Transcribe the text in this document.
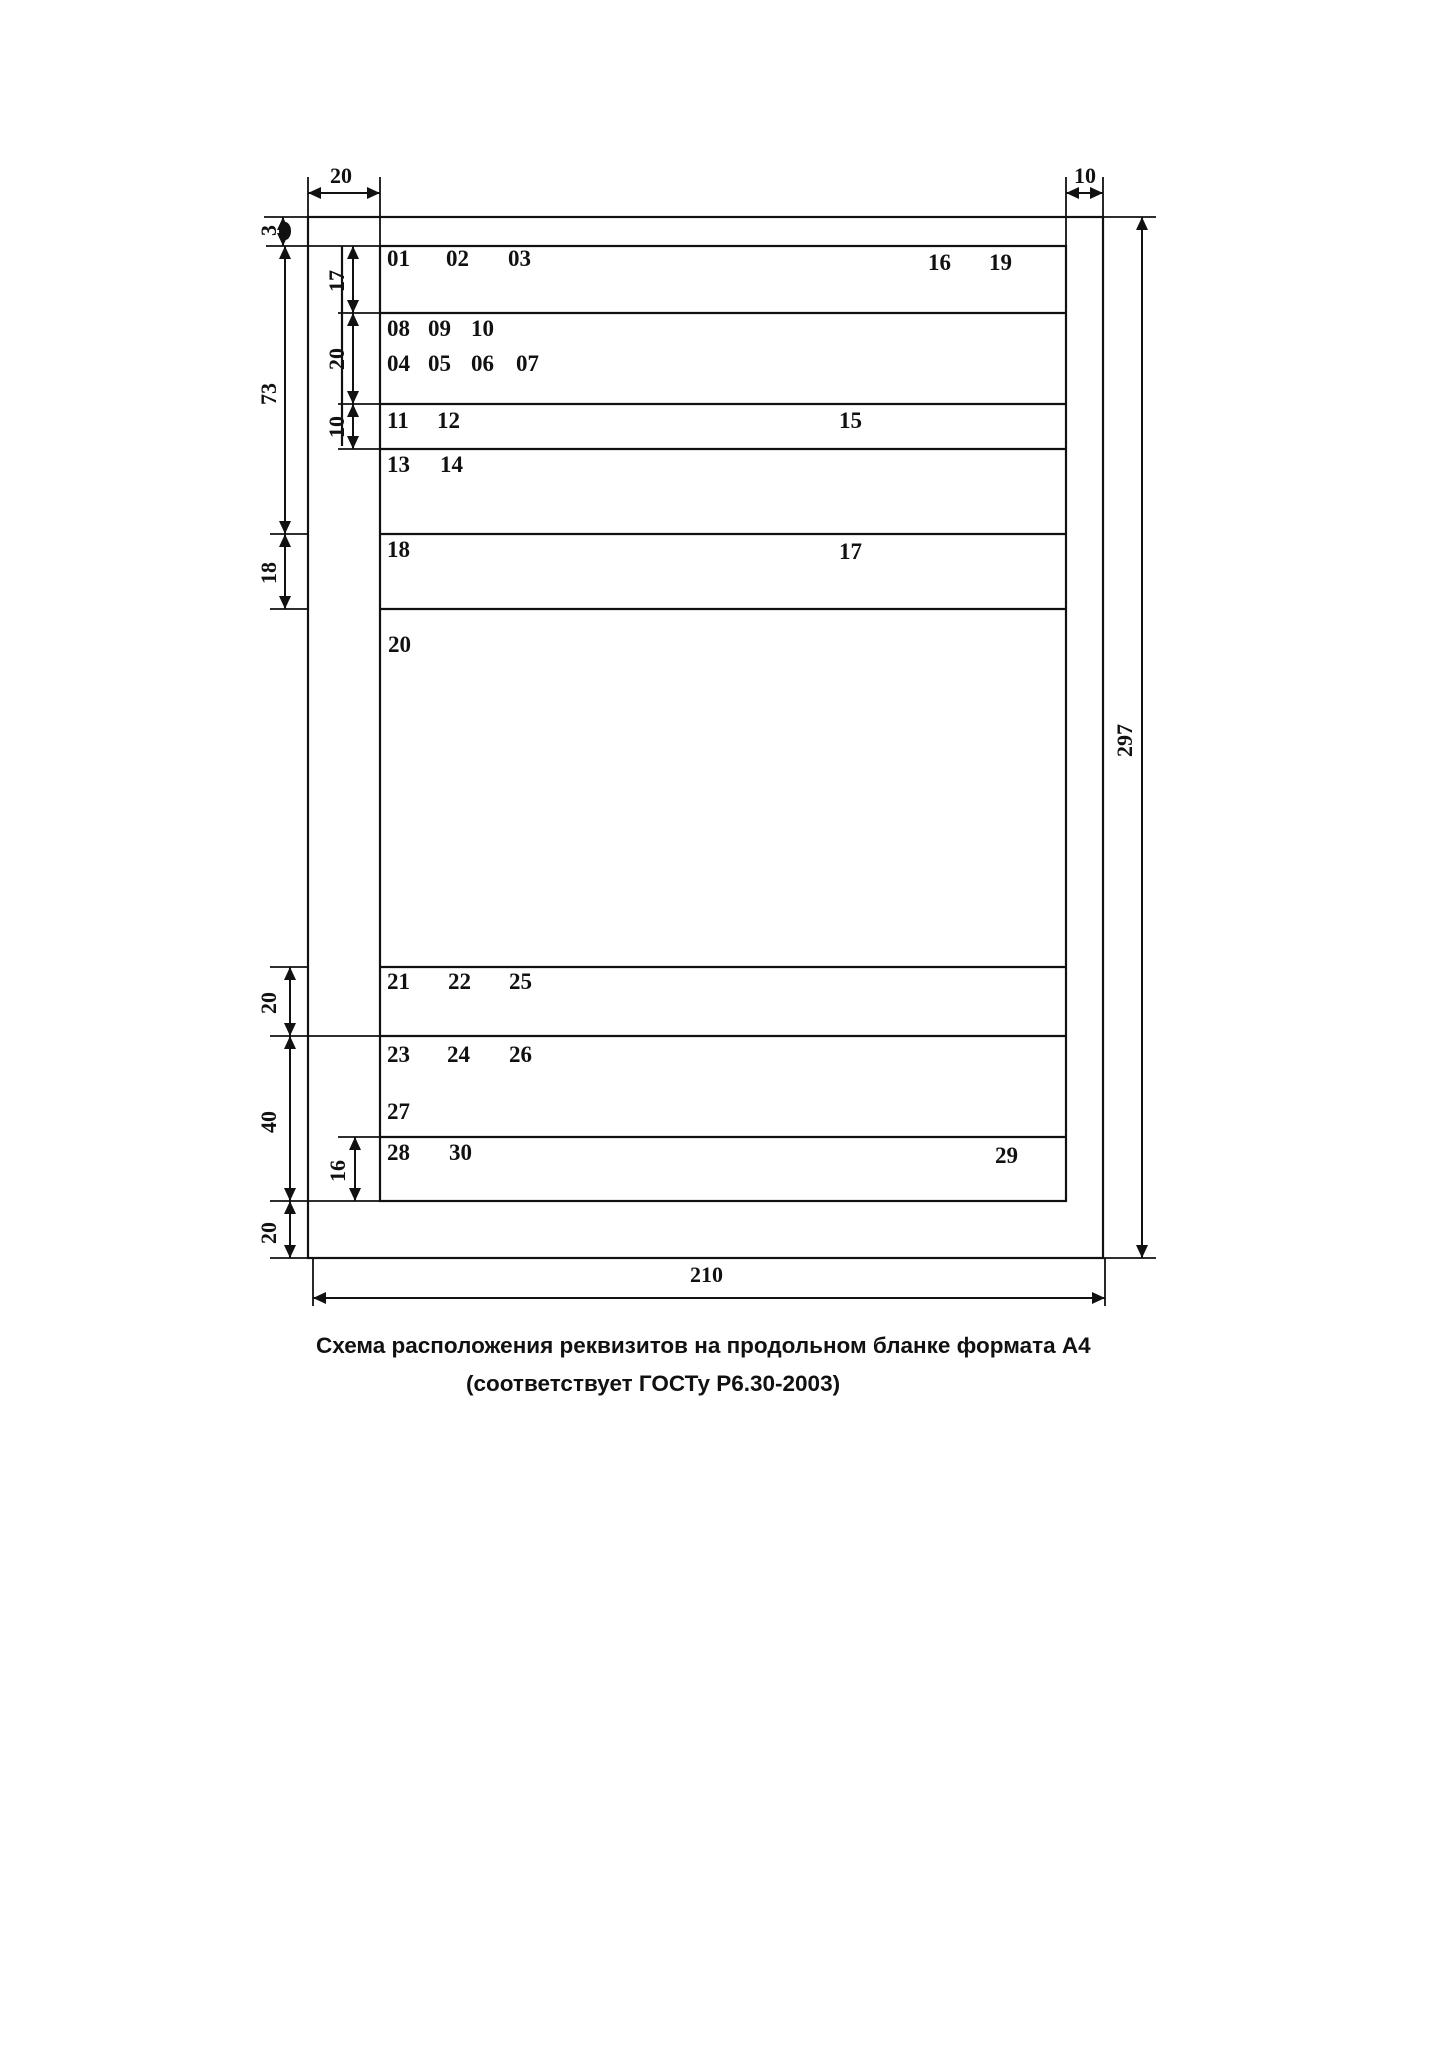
20	10
3
17
20
10
73
18
20
40
16
20
297
210
01 02 03	16 19
08 09 10
04 05 06 07
11 12	15
13 14
18	17
20
21 22 25
23 24 26
27
28 30	29
Схема расположения реквизитов на продольном бланке формата А4
(соответствует ГОСТу Р6.30-2003)
